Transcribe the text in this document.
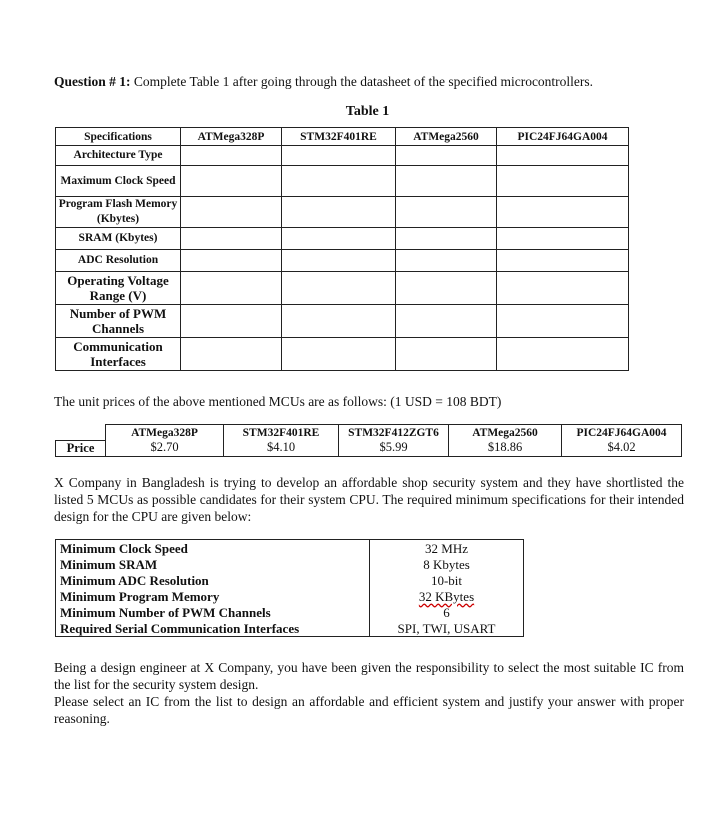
Question # 1: Complete Table 1 after going through the datasheet of the specified microcontrollers.
Table 1
Specifications	ATMega328P	STM32F401RE	ATMega2560	PIC24FJ64GA004
Architecture Type				
Maximum Clock Speed				
Program Flash Memory (Kbytes)				
SRAM (Kbytes)				
ADC Resolution				
Operating Voltage Range (V)				
Number of PWM Channels				
Communication Interfaces				
The unit prices of the above mentioned MCUs are as follows: (1 USD = 108 BDT)
	ATMega328P	STM32F401RE	STM32F412ZGT6	ATMega2560	PIC24FJ64GA004
Price	$2.70	$4.10	$5.99	$18.86	$4.02
X Company in Bangladesh is trying to develop an affordable shop security system and they have shortlisted the listed 5 MCUs as possible candidates for their system CPU. The required minimum specifications for their intended design for the CPU are given below:
Minimum Clock Speed	32 MHz
Minimum SRAM	8 Kbytes
Minimum ADC Resolution	10-bit
Minimum Program Memory	32 KBytes
Minimum Number of PWM Channels	6
Required Serial Communication Interfaces	SPI, TWI, USART

Being a design engineer at X Company, you have been given the responsibility to select the most suitable IC from the list for the security system design.

Please select an IC from the list to design an affordable and efficient system and justify your answer with proper reasoning.
